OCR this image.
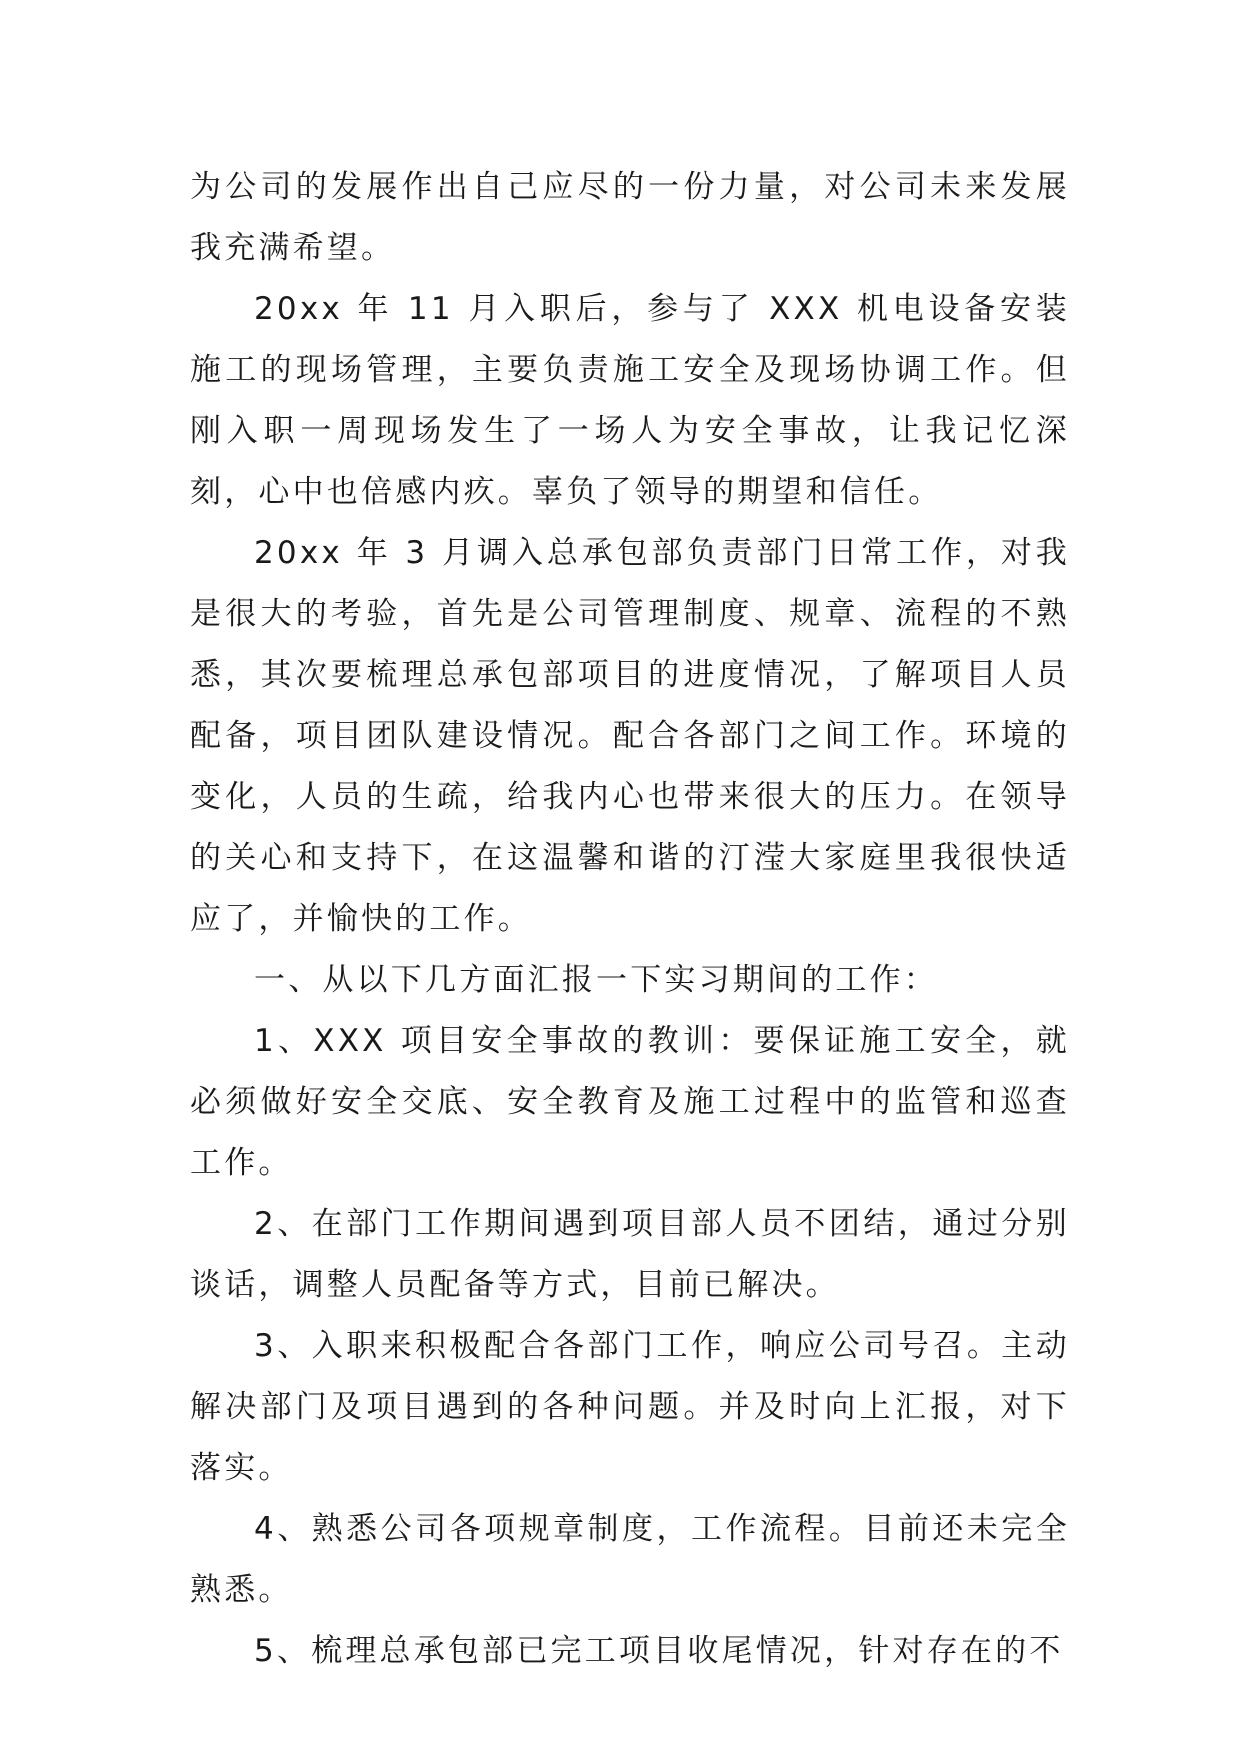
为公司的发展作出自己应尽的一份力量，对公司未来发展我充满希望。

20xx 年 11 月入职后，参与了 XXX 机电设备安装施工的现场管理，主要负责施工安全及现场协调工作。但刚入职一周现场发生了一场人为安全事故，让我记忆深刻，心中也倍感内疚。辜负了领导的期望和信任。

20xx 年 3 月调入总承包部负责部门日常工作，对我是很大的考验，首先是公司管理制度、规章、流程的不熟悉，其次要梳理总承包部项目的进度情况，了解项目人员配备，项目团队建设情况。配合各部门之间工作。环境的变化，人员的生疏，给我内心也带来很大的压力。在领导的关心和支持下，在这温馨和谐的汀滢大家庭里我很快适应了，并愉快的工作。

一、从以下几方面汇报一下实习期间的工作：

1、XXX 项目安全事故的教训：要保证施工安全，就必须做好安全交底、安全教育及施工过程中的监管和巡查工作。

2、在部门工作期间遇到项目部人员不团结，通过分别谈话，调整人员配备等方式，目前已解决。

3、入职来积极配合各部门工作，响应公司号召。主动解决部门及项目遇到的各种问题。并及时向上汇报，对下落实。

4、熟悉公司各项规章制度，工作流程。目前还未完全熟悉。

5、梳理总承包部已完工项目收尾情况，针对存在的不
